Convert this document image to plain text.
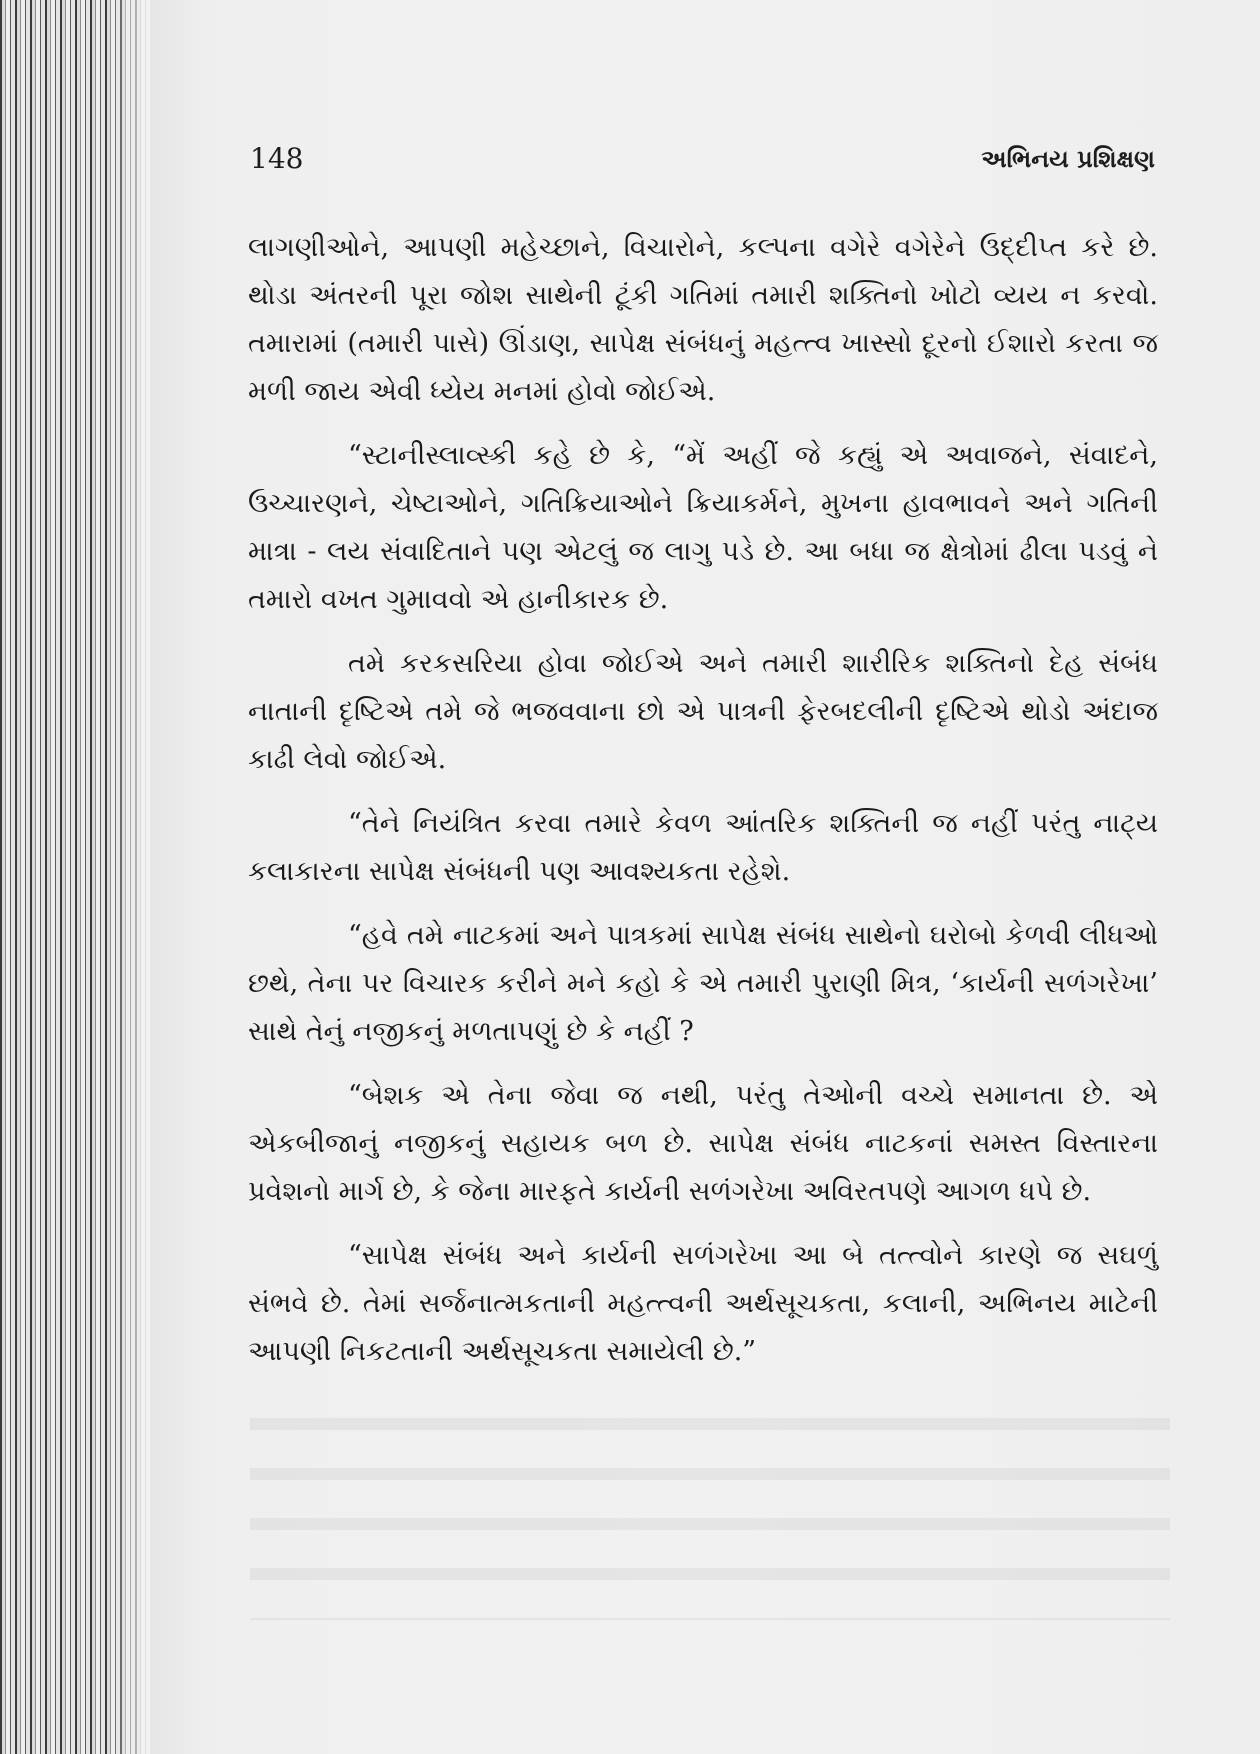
148	અભિનય પ્રશિક્ષણ

લાગણીઓને, આપણી મહેચ્છાને, વિચારોને, કલ્પના વગેરે વગેરેને ઉદ્દીપ્ત કરે છે. થોડા અંતરની પૂરા જોશ સાથેની ટૂંકી ગતિમાં તમારી શક્તિનો ખોટો વ્યય ન કરવો. તમારામાં (તમારી પાસે) ઊંડાણ, સાપેક્ષ સંબંધનું મહત્ત્વ ખાસ્સો દૂરનો ઈશારો કરતા જ મળી જાય એવી ધ્યેય મનમાં હોવો જોઈએ.

“સ્ટાનીસ્લાવ્સ્કી કહે છે કે, “મેં અહીં જે કહ્યું એ અવાજને, સંવાદને, ઉચ્ચારણને, ચેષ્ટાઓને, ગતિક્રિયાઓને ક્રિયાકર્મને, મુખના હાવભાવને અને ગતિની માત્રા - લય સંવાદિતાને પણ એટલું જ લાગુ પડે છે. આ બધા જ ક્ષેત્રોમાં ઢીલા પડવું ને તમારો વખત ગુમાવવો એ હાનીકારક છે.

તમે કરકસરિયા હોવા જોઈએ અને તમારી શારીરિક શક્તિનો દેહ સંબંધ નાતાની દૃષ્ટિએ તમે જે ભજવવાના છો એ પાત્રની ફેરબદલીની દૃષ્ટિએ થોડો અંદાજ કાઢી લેવો જોઈએ.

“તેને નિયંત્રિત કરવા તમારે કેવળ આંતરિક શક્તિની જ નહીં પરંતુ નાટ્ય કલાકારના સાપેક્ષ સંબંધની પણ આવશ્યકતા રહેશે.

“હવે તમે નાટકમાં અને પાત્રકમાં સાપેક્ષ સંબંધ સાથેનો ઘરોબો કેળવી લીધઓ છથે, તેના પર વિચારક કરીને મને કહો કે એ તમારી પુરાણી મિત્ર, ‘કાર્યની સળંગરેખા’ સાથે તેનું નજીકનું મળતાપણું છે કે નહીં ?

“બેશક એ તેના જેવા જ નથી, પરંતુ તેઓની વચ્ચે સમાનતા છે. એ એકબીજાનું નજીકનું સહાયક બળ છે. સાપેક્ષ સંબંધ નાટકનાં સમસ્ત વિસ્તારના પ્રવેશનો માર્ગ છે, કે જેના મારફતે કાર્યની સળંગરેખા અવિરતપણે આગળ ધપે છે.

“સાપેક્ષ સંબંધ અને કાર્યની સળંગરેખા આ બે તત્ત્વોને કારણે જ સઘળું સંભવે છે. તેમાં સર્જનાત્મકતાની મહત્ત્વની અર્થસૂચકતા, કલાની, અભિનય માટેની આપણી નિકટતાની અર્થસૂચકતા સમાયેલી છે.”
